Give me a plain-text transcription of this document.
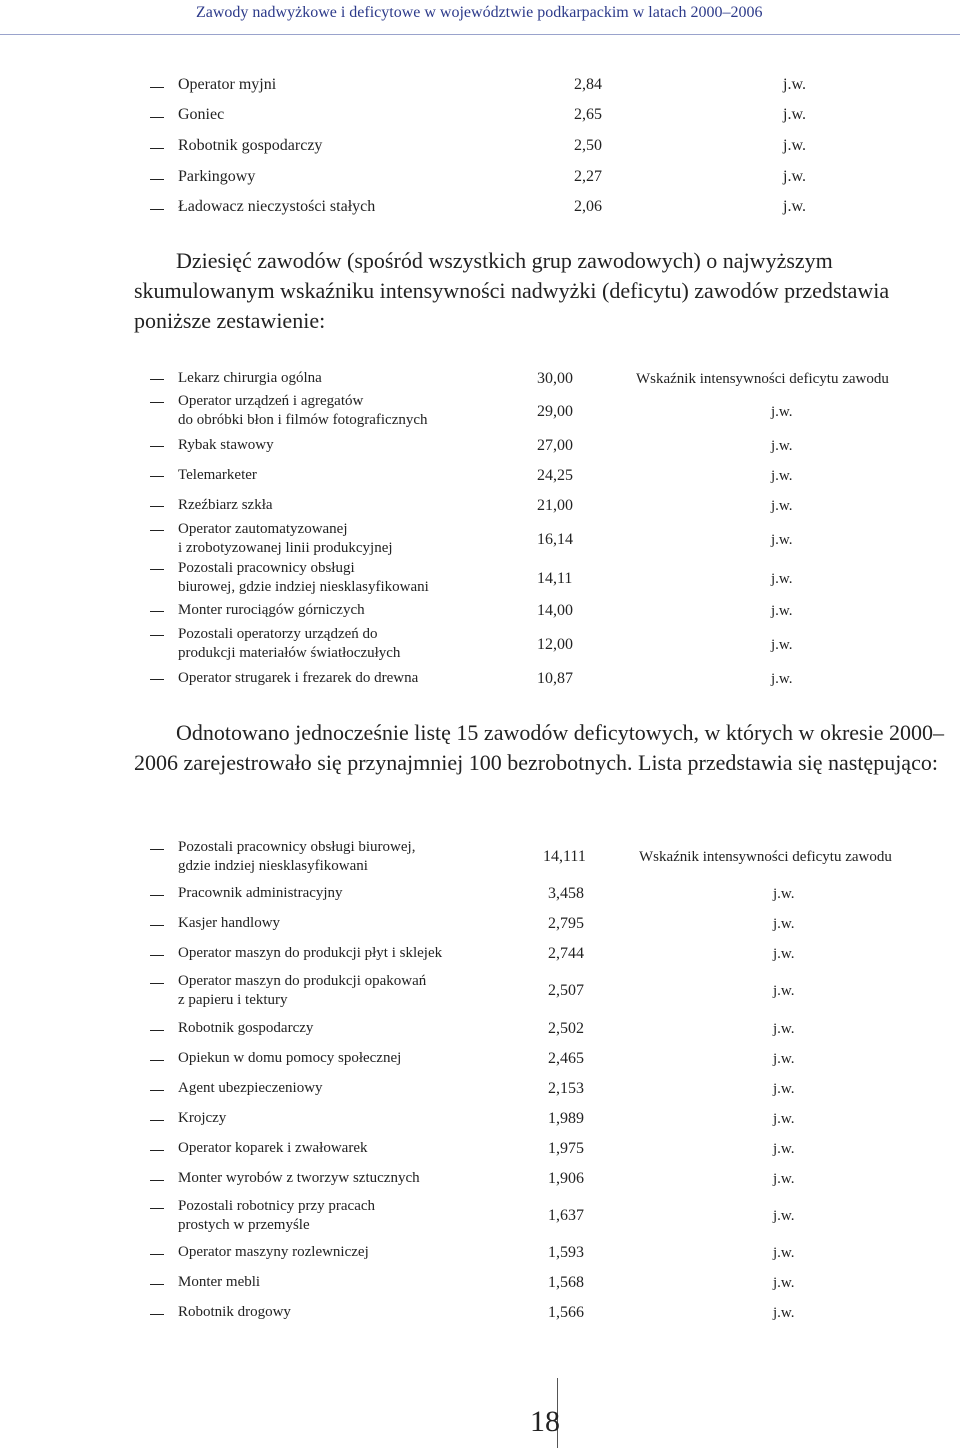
Zawody nadwyżkowe i deficytowe w województwie podkarpackim w latach 2000–2006
Operator myjni	2,84	j.w.
Goniec	2,65	j.w.
Robotnik gospodarczy	2,50	j.w.
Parkingowy	2,27	j.w.
Ładowacz nieczystości stałych	2,06	j.w.
Dziesięć zawodów (spośród wszystkich grup zawodowych) o najwyższym skumulowanym wskaźniku intensywności nadwyżki (deficytu) zawodów przedstawia poniższe zestawienie:
Lekarz chirurgia ogólna	30,00	Wskaźnik intensywności deficytu zawodu
Operator urządzeń i agregatów
do obróbki błon i filmów fotograficznych	29,00	j.w.
Rybak stawowy	27,00	j.w.
Telemarketer	24,25	j.w.
Rzeźbiarz szkła	21,00	j.w.
Operator zautomatyzowanej
i zrobotyzowanej linii produkcyjnej	16,14	j.w.
Pozostali pracownicy obsługi
biurowej, gdzie indziej niesklasyfikowani	14,11	j.w.
Monter rurociągów górniczych	14,00	j.w.
Pozostali operatorzy urządzeń do
produkcji materiałów światłoczułych	12,00	j.w.
Operator strugarek i frezarek do drewna	10,87	j.w.
Odnotowano jednocześnie listę 15 zawodów deficytowych, w których w okresie 2000–2006 zarejestrowało się przynajmniej 100 bezrobotnych. Lista przedstawia się następująco:
Pozostali pracownicy obsługi biurowej,
gdzie indziej niesklasyfikowani
14,111	Wskaźnik intensywności deficytu zawodu
Pracownik administracyjny	3,458	j.w.
Kasjer handlowy	2,795	j.w.
Operator maszyn do produkcji płyt i sklejek	2,744	j.w.
Operator maszyn do produkcji opakowań
z papieru i tektury
2,507	j.w.
Robotnik gospodarczy	2,502	j.w.
Opiekun w domu pomocy społecznej	2,465	j.w.
Agent ubezpieczeniowy	2,153	j.w.
Krojczy	1,989	j.w.
Operator koparek i zwałowarek	1,975	j.w.
Monter wyrobów z tworzyw sztucznych	1,906	j.w.
Pozostali robotnicy przy pracach
prostych w przemyśle
1,637	j.w.
Operator maszyny rozlewniczej	1,593	j.w.
Monter mebli	1,568	j.w.
Robotnik drogowy	1,566	j.w.
18
